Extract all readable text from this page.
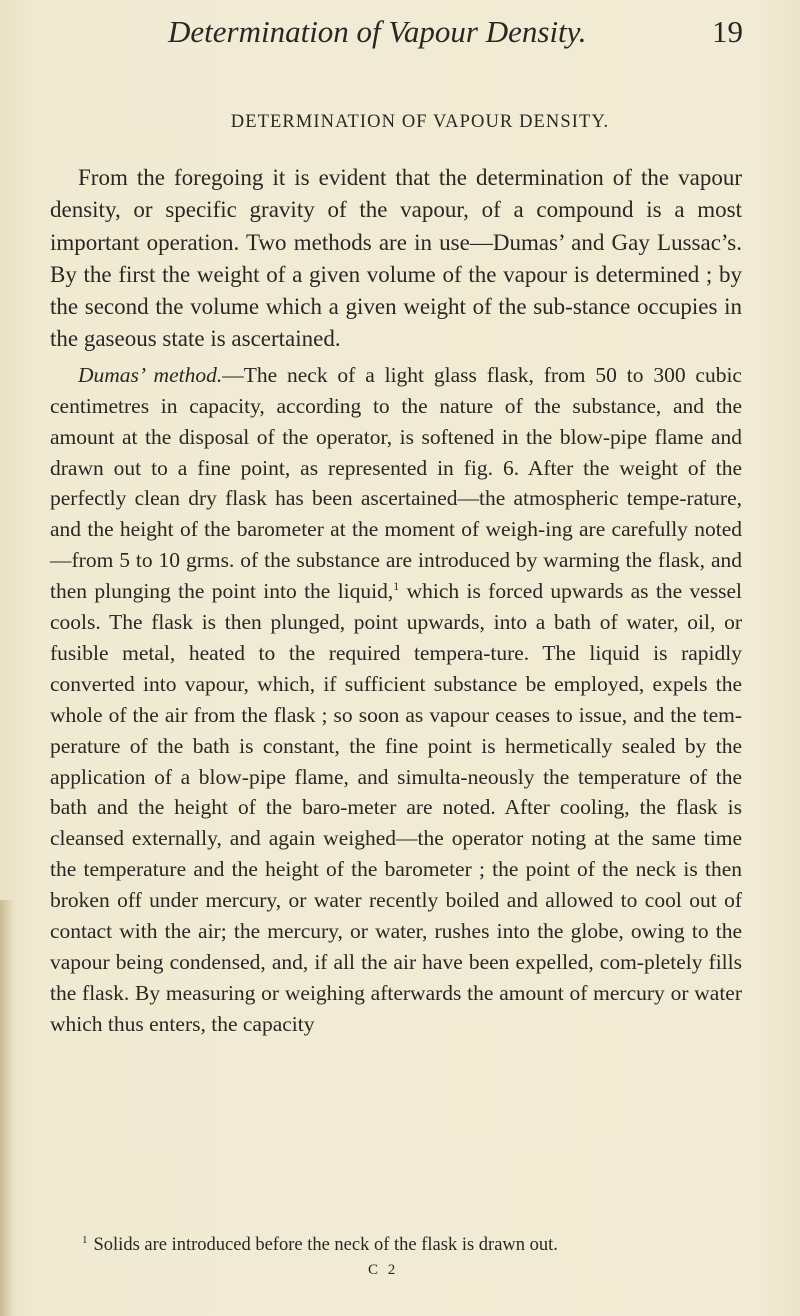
Determination of Vapour Density.	19
DETERMINATION OF VAPOUR DENSITY.

From the foregoing it is evident that the determination of the vapour density, or specific gravity of the vapour, of a compound is a most important operation. Two methods are in use—Dumas’ and Gay Lussac’s. By the first the weight of a given volume of the vapour is determined ; by the second the volume which a given weight of the sub-stance occupies in the gaseous state is ascertained.

Dumas’ method.—The neck of a light glass flask, from 50 to 300 cubic centimetres in capacity, according to the nature of the substance, and the amount at the disposal of the operator, is softened in the blow-pipe flame and drawn out to a fine point, as represented in fig. 6. After the weight of the perfectly clean dry flask has been ascertained—the atmospheric tempe-rature, and the height of the barometer at the moment of weigh-ing are carefully noted—from 5 to 10 grms. of the substance are introduced by warming the flask, and then plunging the point into the liquid,$^1$ which is forced upwards as the vessel cools. The flask is then plunged, point upwards, into a bath of water, oil, or fusible metal, heated to the required tempera-ture. The liquid is rapidly converted into vapour, which, if sufficient substance be employed, expels the whole of the air from the flask ; so soon as vapour ceases to issue, and the tem-perature of the bath is constant, the fine point is hermetically sealed by the application of a blow-pipe flame, and simulta-neously the temperature of the bath and the height of the baro-meter are noted. After cooling, the flask is cleansed externally, and again weighed—the operator noting at the same time the temperature and the height of the barometer ; the point of the neck is then broken off under mercury, or water recently boiled and allowed to cool out of contact with the air; the mercury, or water, rushes into the globe, owing to the vapour being condensed, and, if all the air have been expelled, com-pletely fills the flask. By measuring or weighing afterwards the amount of mercury or water which thus enters, the capacity

$^1$ Solids are introduced before the neck of the flask is drawn out.
C 2
